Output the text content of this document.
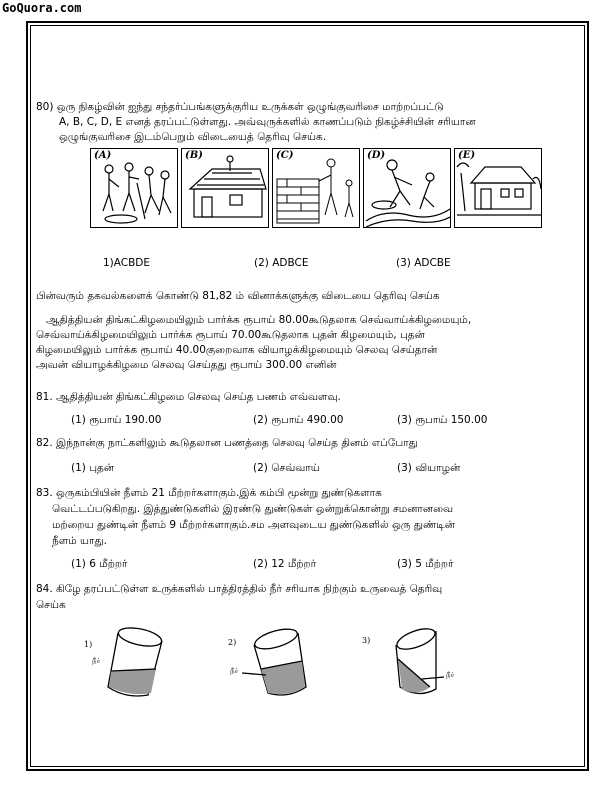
GoQuora.com
80) ஒரு நிகழ்வின் ஐந்து சந்தர்ப்பங்களுக்குரிய உருக்கள் ஒழுங்குவரிசை மாற்றப்பட்டு
A, B, C, D, E எனத் தரப்பட்டுள்ளது. அவ்வுருக்களில் காணப்படும் நிகழ்ச்சியின் சரியான
ஒழுங்குவரிசை இடம்பெறும் விடையைத் தெரிவு செய்க.
(A)	(B)	(C)	(D)	(E)
1)ACBDE	(2) ADBCE	(3) ADCBE
பின்வரும் தகவல்களைக் கொண்டு 81,82 ம் வினாக்களுக்கு விடையை தெரிவு செய்க
ஆதித்தியன் திங்கட்கிழமையிலும் பார்க்க ரூபாய் 80.00கூடுதலாக செவ்வாய்க்கிழமையும்,
செவ்வாய்க்கிழமையிலும் பார்க்க ரூபாய் 70.00கூடுதலாக புதன் கிழமையும், புதன்
கிழமையிலும் பார்க்க ரூபாய் 40.00குறைவாக வியாழக்கிழமையும் செலவு செய்தான்
அவன் வியாழக்கிழமை செலவு செய்தது ரூபாய் 300.00 எனின்
81. ஆதித்தியன் திங்கட்கிழமை செலவு செய்த பணம் எவ்வளவு.
(1) ரூபாய் 190.00	(2) ரூபாய் 490.00	(3) ரூபாய் 150.00
82. இந்நான்கு நாட்களிலும் கூடுதலான பணத்தை செலவு செய்த தினம் எப்போது
(1) புதன்	(2) செவ்வாய்	(3) வியாழன்
83. ஒருகம்பியின் நீளம் 21 மீற்றர்களாகும்.இக் கம்பி மூன்று துண்டுகளாக
வெட்டப்படுகிறது. இத்துண்டுகளில் இரண்டு துண்டுகள் ஒன்றுக்கொன்று சமனானவை
மற்றைய துண்டின் நீளம் 9 மீற்றர்களாகும்.சம அளவுடைய துண்டுகளில் ஒரு துண்டின்
நீளம் யாது.
(1) 6 மீற்றர்	(2) 12 மீற்றர்	(3) 5 மீற்றர்
84. கிழே தரப்பட்டுள்ள உருக்களில் பாத்திரத்தில் நீர் சரியாக நிற்கும் உருவைத் தெரிவு
செய்க
1)
நீர்
2)
நீர்
3)
நீர்
